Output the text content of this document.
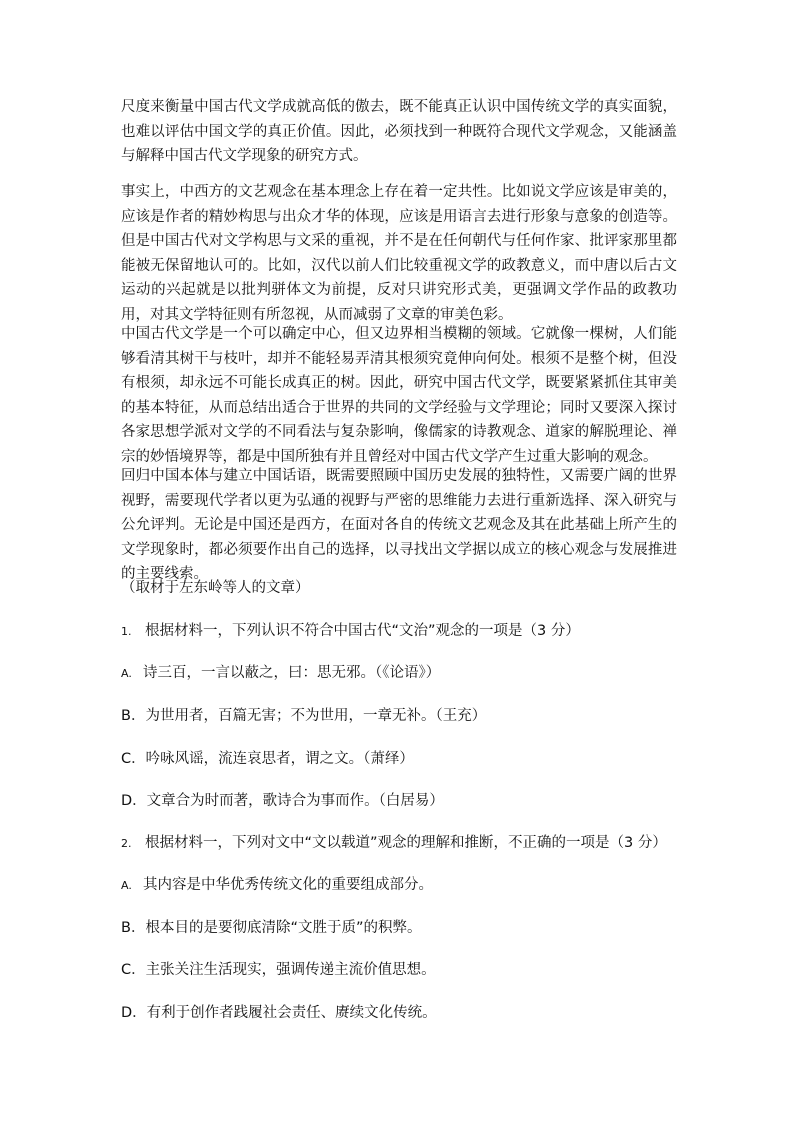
尺度来衡量中国古代文学成就高低的傲去，既不能真正认识中国传统文学的真实面貌，也难以评估中国文学的真正价值。因此，必须找到一种既符合现代文学观念，又能涵盖与解释中国古代文学现象的研究方式。

事实上，中西方的文艺观念在基本理念上存在着一定共性。比如说文学应该是审美的，应该是作者的精妙构思与出众才华的体现，应该是用语言去进行形象与意象的创造等。但是中国古代对文学构思与文采的重视，并不是在任何朝代与任何作家、批评家那里都能被无保留地认可的。比如，汉代以前人们比较重视文学的政教意义，而中唐以后古文运动的兴起就是以批判骈体文为前提，反对只讲究形式美，更强调文学作品的政教功用，对其文学特征则有所忽视，从而减弱了文章的审美色彩。

中国古代文学是一个可以确定中心，但又边界相当模糊的领域。它就像一棵树，人们能够看清其树干与枝叶，却并不能轻易弄清其根须究竟伸向何处。根须不是整个树，但没有根须，却永远不可能长成真正的树。因此，研究中国古代文学，既要紧紧抓住其审美的基本特征，从而总结出适合于世界的共同的文学经验与文学理论；同时又要深入探讨各家思想学派对文学的不同看法与复杂影响，像儒家的诗教观念、道家的解脱理论、禅宗的妙悟境界等，都是中国所独有并且曾经对中国古代文学产生过重大影响的观念。

回归中国本体与建立中国话语，既需要照顾中国历史发展的独特性，又需要广阔的世界视野，需要现代学者以更为弘通的视野与严密的思维能力去进行重新选择、深入研究与公允评判。无论是中国还是西方，在面对各自的传统文艺观念及其在此基础上所产生的文学现象时，都必须要作出自己的选择，以寻找出文学据以成立的核心观念与发展推进的主要线索。

（取材于左东岭等人的文章）

1. 根据材料一，下列认识不符合中国古代“文治”观念的一项是（3 分）

A. 诗三百，一言以蔽之，曰：思无邪。（《论语》）

B．为世用者，百篇无害；不为世用，一章无补。（王充）

C．吟咏风谣，流连哀思者，谓之文。（萧绎）

D．文章合为时而著，歌诗合为事而作。（白居易）

2. 根据材料一，下列对文中“文以载道”观念的理解和推断，不正确的一项是（3 分）

A. 其内容是中华优秀传统文化的重要组成部分。

B．根本目的是要彻底清除“文胜于质”的积弊。

C．主张关注生活现实，强调传递主流价值思想。

D．有利于创作者践履社会责任、赓续文化传统。
